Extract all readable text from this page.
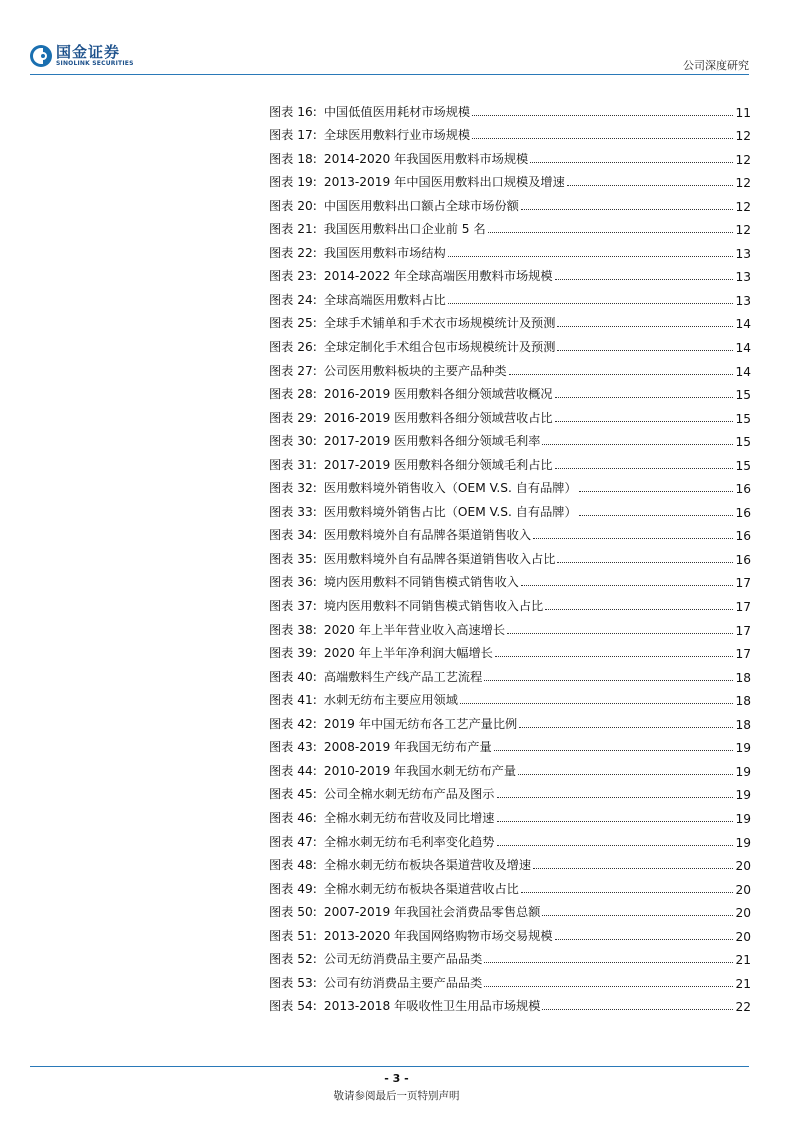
国金证券
SINOLINK SECURITIES	公司深度研究
图表 16: 中国低值医用耗材市场规模	11
图表 17: 全球医用敷料行业市场规模	12
图表 18: 2014-2020 年我国医用敷料市场规模	12
图表 19: 2013-2019 年中国医用敷料出口规模及增速	12
图表 20: 中国医用敷料出口额占全球市场份额	12
图表 21: 我国医用敷料出口企业前 5 名	12
图表 22: 我国医用敷料市场结构	13
图表 23: 2014-2022 年全球高端医用敷料市场规模	13
图表 24: 全球高端医用敷料占比	13
图表 25: 全球手术铺单和手术衣市场规模统计及预测	14
图表 26: 全球定制化手术组合包市场规模统计及预测	14
图表 27: 公司医用敷料板块的主要产品种类	14
图表 28: 2016-2019 医用敷料各细分领域营收概况	15
图表 29: 2016-2019 医用敷料各细分领域营收占比	15
图表 30: 2017-2019 医用敷料各细分领域毛利率	15
图表 31: 2017-2019 医用敷料各细分领域毛利占比	15
图表 32: 医用敷料境外销售收入（OEM V.S. 自有品牌）	16
图表 33: 医用敷料境外销售占比（OEM V.S. 自有品牌）	16
图表 34: 医用敷料境外自有品牌各渠道销售收入	16
图表 35: 医用敷料境外自有品牌各渠道销售收入占比	16
图表 36: 境内医用敷料不同销售模式销售收入	17
图表 37: 境内医用敷料不同销售模式销售收入占比	17
图表 38: 2020 年上半年营业收入高速增长	17
图表 39: 2020 年上半年净利润大幅增长	17
图表 40: 高端敷料生产线产品工艺流程	18
图表 41: 水刺无纺布主要应用领域	18
图表 42: 2019 年中国无纺布各工艺产量比例	18
图表 43: 2008-2019 年我国无纺布产量	19
图表 44: 2010-2019 年我国水刺无纺布产量	19
图表 45: 公司全棉水刺无纺布产品及图示	19
图表 46: 全棉水刺无纺布营收及同比增速	19
图表 47: 全棉水刺无纺布毛利率变化趋势	19
图表 48: 全棉水刺无纺布板块各渠道营收及增速	20
图表 49: 全棉水刺无纺布板块各渠道营收占比	20
图表 50: 2007-2019 年我国社会消费品零售总额	20
图表 51: 2013-2020 年我国网络购物市场交易规模	20
图表 52: 公司无纺消费品主要产品品类	21
图表 53: 公司有纺消费品主要产品品类	21
图表 54: 2013-2018 年吸收性卫生用品市场规模	22
- 3 -
敬请参阅最后一页特别声明
